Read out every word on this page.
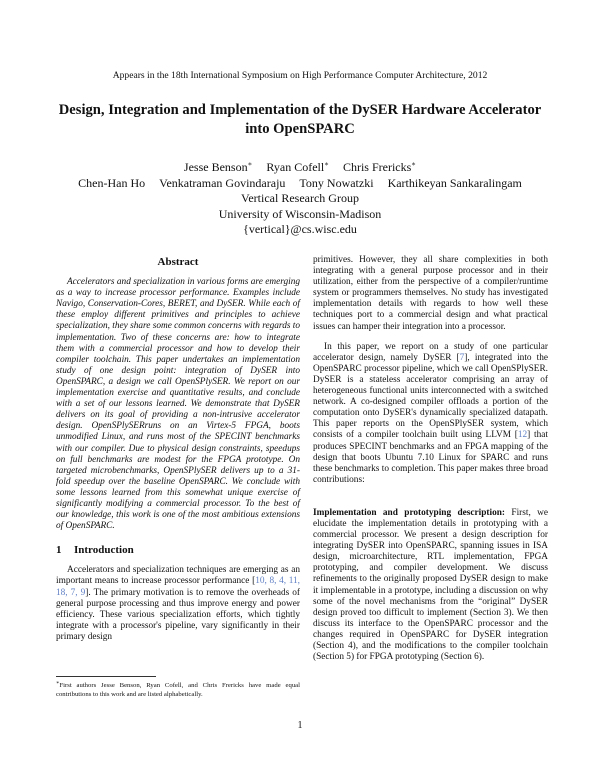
Appears in the 18th International Symposium on High Performance Computer Architecture, 2012
Design, Integration and Implementation of the DySER Hardware Accelerator
into OpenSPARC
Jesse Benson∗ Ryan Cofell∗ Chris Frericks∗
Chen-Han Ho Venkatraman Govindaraju Tony Nowatzki Karthikeyan Sankaralingam
Vertical Research Group
University of Wisconsin-Madison
{vertical}@cs.wisc.edu
Abstract

Accelerators and specialization in various forms are emerging as a way to increase processor performance. Examples include Navigo, Conservation-Cores, BERET, and DySER. While each of these employ different primitives and principles to achieve specialization, they share some common concerns with regards to implementation. Two of these concerns are: how to integrate them with a commercial processor and how to develop their compiler toolchain. This paper undertakes an implementation study of one design point: integration of DySER into OpenSPARC, a design we call OpenSPlySER. We report on our implementation exercise and quantitative results, and conclude with a set of our lessons learned. We demonstrate that DySER delivers on its goal of providing a non-intrusive accelerator design. OpenSPlySERruns on an Virtex-5 FPGA, boots unmodified Linux, and runs most of the SPECINT benchmarks with our compiler. Due to physical design constraints, speedups on full benchmarks are modest for the FPGA prototype. On targeted microbenchmarks, OpenSPlySER delivers up to a 31-fold speedup over the baseline OpenSPARC. We conclude with some lessons learned from this somewhat unique exercise of significantly modifying a commercial processor. To the best of our knowledge, this work is one of the most ambitious extensions of OpenSPARC.

1 Introduction

Accelerators and specialization techniques are emerging as an important means to increase processor performance [10, 8, 4, 11, 18, 7, 9]. The primary motivation is to remove the overheads of general purpose processing and thus improve energy and power efficiency. These various specialization efforts, which tightly integrate with a processor's pipeline, vary significantly in their primary design

primitives. However, they all share complexities in both integrating with a general purpose processor and in their utilization, either from the perspective of a compiler/runtime system or programmers themselves. No study has investigated implementation details with regards to how well these techniques port to a commercial design and what practical issues can hamper their integration into a processor.

In this paper, we report on a study of one particular accelerator design, namely DySER [7], integrated into the OpenSPARC processor pipeline, which we call OpenSPlySER. DySER is a stateless accelerator comprising an array of heterogeneous functional units interconnected with a switched network. A co-designed compiler offloads a portion of the computation onto DySER's dynamically specialized datapath. This paper reports on the OpenSPlySER system, which consists of a compiler toolchain built using LLVM [12] that produces SPECINT benchmarks and an FPGA mapping of the design that boots Ubuntu 7.10 Linux for SPARC and runs these benchmarks to completion. This paper makes three broad contributions:

Implementation and prototyping description: First, we elucidate the implementation details in prototyping with a commercial processor. We present a design description for integrating DySER into OpenSPARC, spanning issues in ISA design, microarchitecture, RTL implementation, FPGA prototyping, and compiler development. We discuss refinements to the originally proposed DySER design to make it implementable in a prototype, including a discussion on why some of the novel mechanisms from the “original” DySER design proved too difficult to implement (Section 3). We then discuss its interface to the OpenSPARC processor and the changes required in OpenSPARC for DySER integration (Section 4), and the modifications to the compiler toolchain (Section 5) for FPGA prototyping (Section 6).

∗First authors Jesse Benson, Ryan Cofell, and Chris Frericks have made equal contributions to this work and are listed alphabetically.
1
